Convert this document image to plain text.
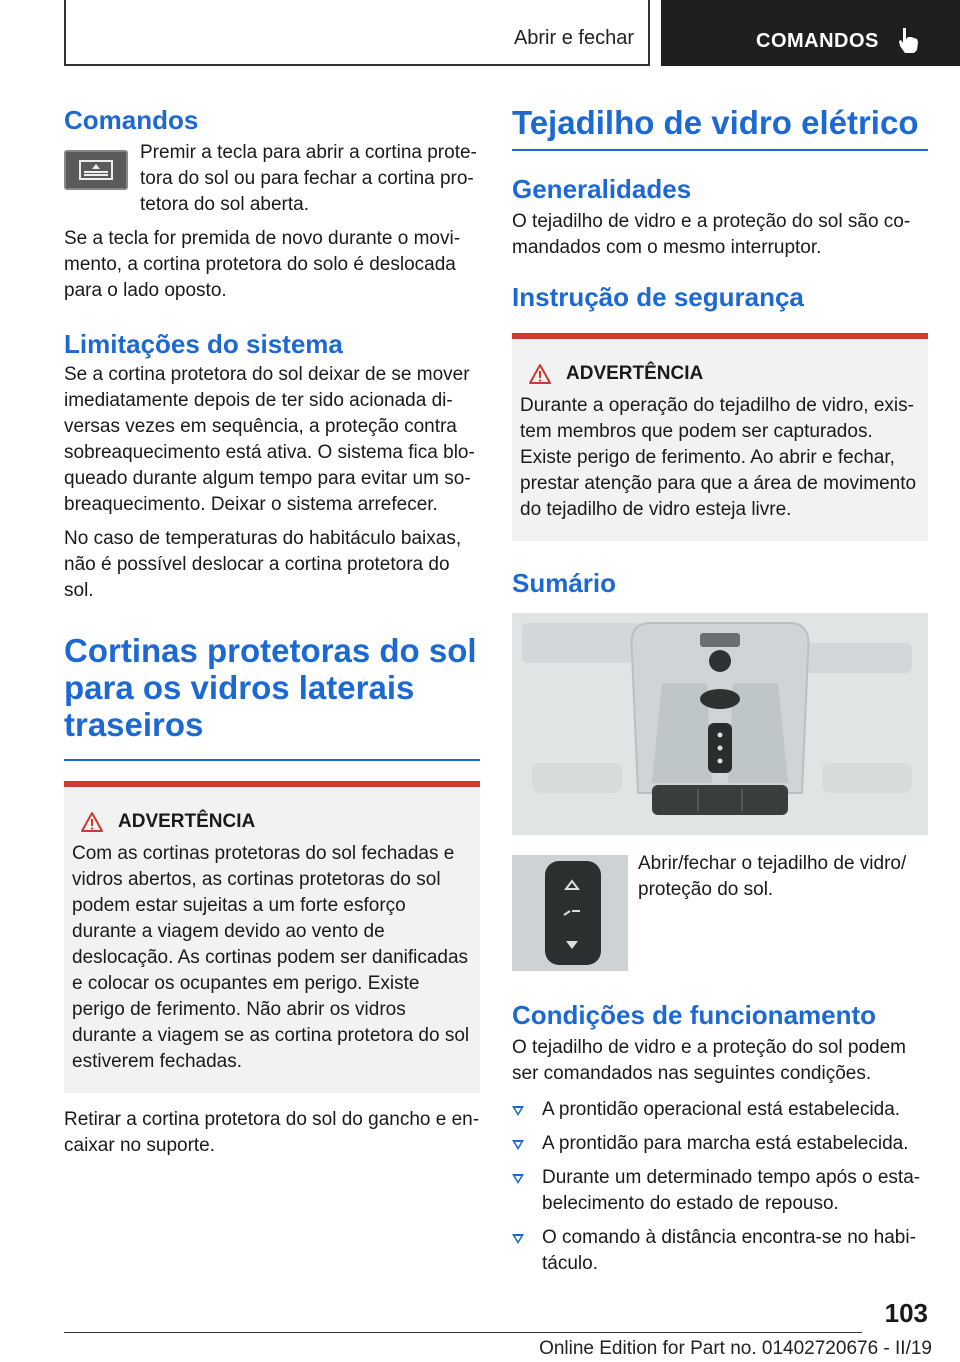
Abrir e fechar	COMANDOS
Comandos

Premir a tecla para abrir a cortina protetora do sol ou para fechar a cortina protetora do sol aberta.

Se a tecla for premida de novo durante o movimento, a cortina protetora do solo é deslocada para o lado oposto.

Limitações do sistema

Se a cortina protetora do sol deixar de se mover imediatamente depois de ter sido acionada diversas vezes em sequência, a proteção contra sobreaquecimento está ativa. O sistema fica bloqueado durante algum tempo para evitar um sobreaquecimento. Deixar o sistema arrefecer.

No caso de temperaturas do habitáculo baixas, não é possível deslocar a cortina protetora do sol.

Cortinas protetoras do sol para os vidros laterais traseiros
ADVERTÊNCIA

Com as cortinas protetoras do sol fechadas e vidros abertos, as cortinas protetoras do sol podem estar sujeitas a um forte esforço durante a viagem devido ao vento de deslocação. As cortinas podem ser danificadas e colocar os ocupantes em perigo. Existe perigo de ferimento. Não abrir os vidros durante a viagem se as cortina protetora do sol estiverem fechadas.

Retirar a cortina protetora do sol do gancho e encaixar no suporte.

Tejadilho de vidro elétrico
Generalidades

O tejadilho de vidro e a proteção do sol são comandados com o mesmo interruptor.

Instrução de segurança
ADVERTÊNCIA

Durante a operação do tejadilho de vidro, existem membros que podem ser capturados. Existe perigo de ferimento. Ao abrir e fechar, prestar atenção para que a área de movimento do tejadilho de vidro esteja livre.

Sumário

Abrir/fechar o tejadilho de vidro/ proteção do sol.

Condições de funcionamento

O tejadilho de vidro e a proteção do sol podem ser comandados nas seguintes condições.

A prontidão operacional está estabelecida.
A prontidão para marcha está estabelecida.
Durante um determinado tempo após o estabelecimento do estado de repouso.
O comando à distância encontra-se no habitáculo.
103
Online Edition for Part no. 01402720676 - II/19
